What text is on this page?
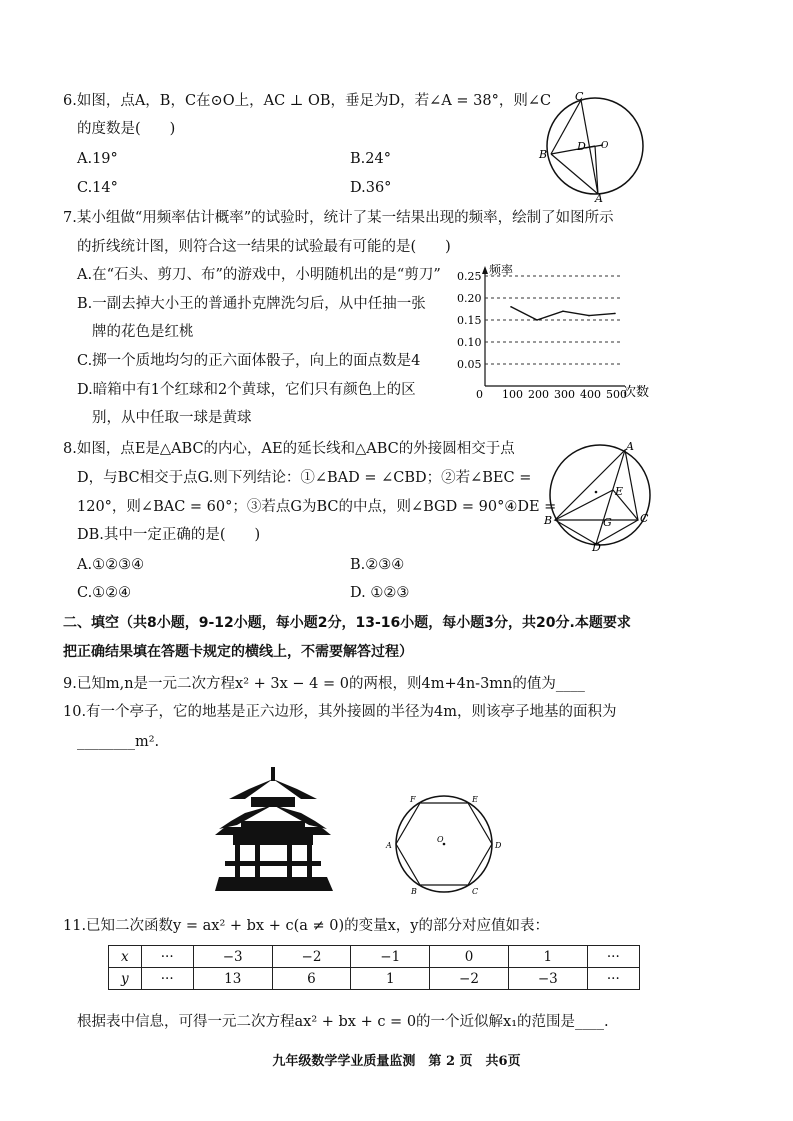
6.如图，点A，B，C在⊙O上，AC ⊥ OB，垂足为D，若∠A = 38°，则∠C
的度数是(　　)
A.19°	B.24°
C.14°	D.36°
C
B
D O
A
7.某小组做“用频率估计概率”的试验时，统计了某一结果出现的频率，绘制了如图所示
的折线统计图，则符合这一结果的试验最有可能的是(　　)
A.在“石头、剪刀、布”的游戏中，小明随机出的是“剪刀”
B.一副去掉大小王的普通扑克牌洗匀后，从中任抽一张
牌的花色是红桃
C.掷一个质地均匀的正六面体骰子，向上的面点数是4
D.暗箱中有1个红球和2个黄球，它们只有颜色上的区
别，从中任取一球是黄球
频率
次数
0.05
0.10
0.15
0.20
0.25
0 100 200 300 400 500
8.如图，点E是△ABC的内心，AE的延长线和△ABC的外接圆相交于点
D，与BC相交于点G.则下列结论：①∠BAD = ∠CBD；②若∠BEC =
120°，则∠BAC = 60°；③若点G为BC的中点，则∠BGD = 90°④DE =
DB.其中一定正确的是(　　)
A.①②③④	B.②③④
C.①②④	D. ①②③
A
E
B	G	C
D
二、填空（共8小题，9-12小题，每小题2分，13-16小题，每小题3分，共20分.本题要求
把正确结果填在答题卡规定的横线上，不需要解答过程）
9.已知m,n是一元二次方程x² + 3x − 4 = 0的两根，则4m+4n-3mn的值为____
10.有一个亭子，它的地基是正六边形，其外接圆的半径为4m，则该亭子地基的面积为
________m².
F	E
A
O
D
B	C
11.已知二次函数y = ax² + bx + c(a ≠ 0)的变量x，y的部分对应值如表：
x	···	−3	−2	−1	0	1	···
y	···	13	6	1	−2	−3	···
根据表中信息，可得一元二次方程ax² + bx + c = 0的一个近似解x₁的范围是____.
九年级数学学业质量监测　第 2 页　共6页
